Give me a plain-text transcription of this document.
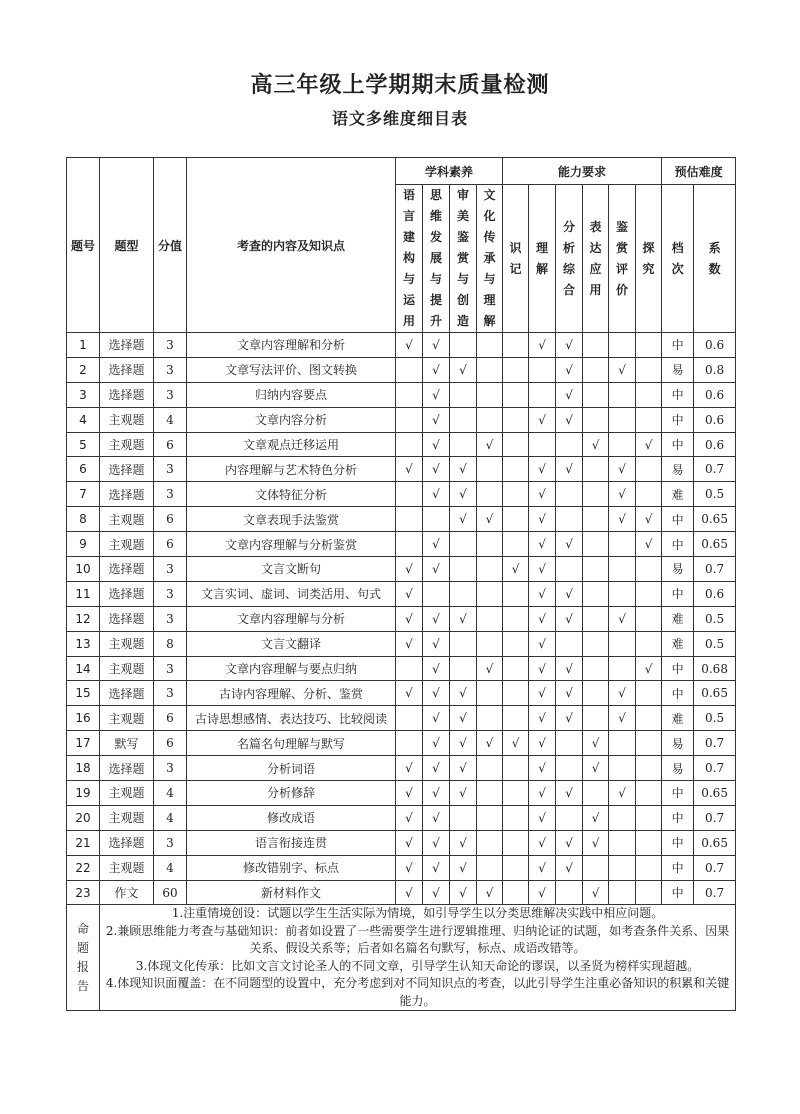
高三年级上学期期末质量检测
语文多维度细目表
题号	题型	分值	考查的内容及知识点	学科素养				能力要求						预估难度	
				语言建构与运用	思维发展与提升	审美鉴赏与创造	文化传承与理解	识记	理解	分析综合	表达应用	鉴赏评价	探究	档次	系数
1	选择题	3	文章内容理解和分析	√	√				√	√				中	0.6
2	选择题	3	文章写法评价、图文转换		√	√				√		√		易	0.8
3	选择题	3	归纳内容要点		√					√				中	0.6
4	主观题	4	文章内容分析		√				√	√				中	0.6
5	主观题	6	文章观点迁移运用		√		√				√		√	中	0.6
6	选择题	3	内容理解与艺术特色分析	√	√	√			√	√		√		易	0.7
7	选择题	3	文体特征分析		√	√			√			√		难	0.5
8	主观题	6	文章表现手法鉴赏			√	√		√			√	√	中	0.65
9	主观题	6	文章内容理解与分析鉴赏		√				√	√			√	中	0.65
10	选择题	3	文言文断句	√	√			√	√					易	0.7
11	选择题	3	文言实词、虚词、词类活用、句式	√					√	√				中	0.6
12	选择题	3	文章内容理解与分析	√	√	√			√	√		√		难	0.5
13	主观题	8	文言文翻译	√	√				√					难	0.5
14	主观题	3	文章内容理解与要点归纳		√		√		√	√			√	中	0.68
15	选择题	3	古诗内容理解、分析、鉴赏	√	√	√			√	√		√		中	0.65
16	主观题	6	古诗思想感情、表达技巧、比较阅读		√	√			√	√		√		难	0.5
17	默写	6	名篇名句理解与默写		√	√	√	√	√		√			易	0.7
18	选择题	3	分析词语	√	√	√			√		√			易	0.7
19	主观题	4	分析修辞	√	√	√			√	√		√		中	0.65
20	主观题	4	修改成语	√	√				√		√			中	0.7
21	选择题	3	语言衔接连贯	√	√	√			√	√	√			中	0.65
22	主观题	4	修改错别字、标点	√	√	√			√	√				中	0.7
23	作文	60	新材料作文	√	√	√	√		√		√			中	0.7
命题报告	1.注重情境创设：试题以学生生活实际为情境，如引导学生以分类思维解决实践中相应问题。

2.兼顾思维能力考查与基础知识：前者如设置了一些需要学生进行逻辑推理、归纳论证的试题，如考查条件关系、因果关系、假设关系等；后者如名篇名句默写，标点、成语改错等。

3.体现文化传承：比如文言文讨论圣人的不同文章，引导学生认知天命论的谬误，以圣贤为榜样实现超越。

4.体现知识面覆盖：在不同题型的设置中，充分考虑到对不同知识点的考查，以此引导学生注重必备知识的积累和关键能力。														
